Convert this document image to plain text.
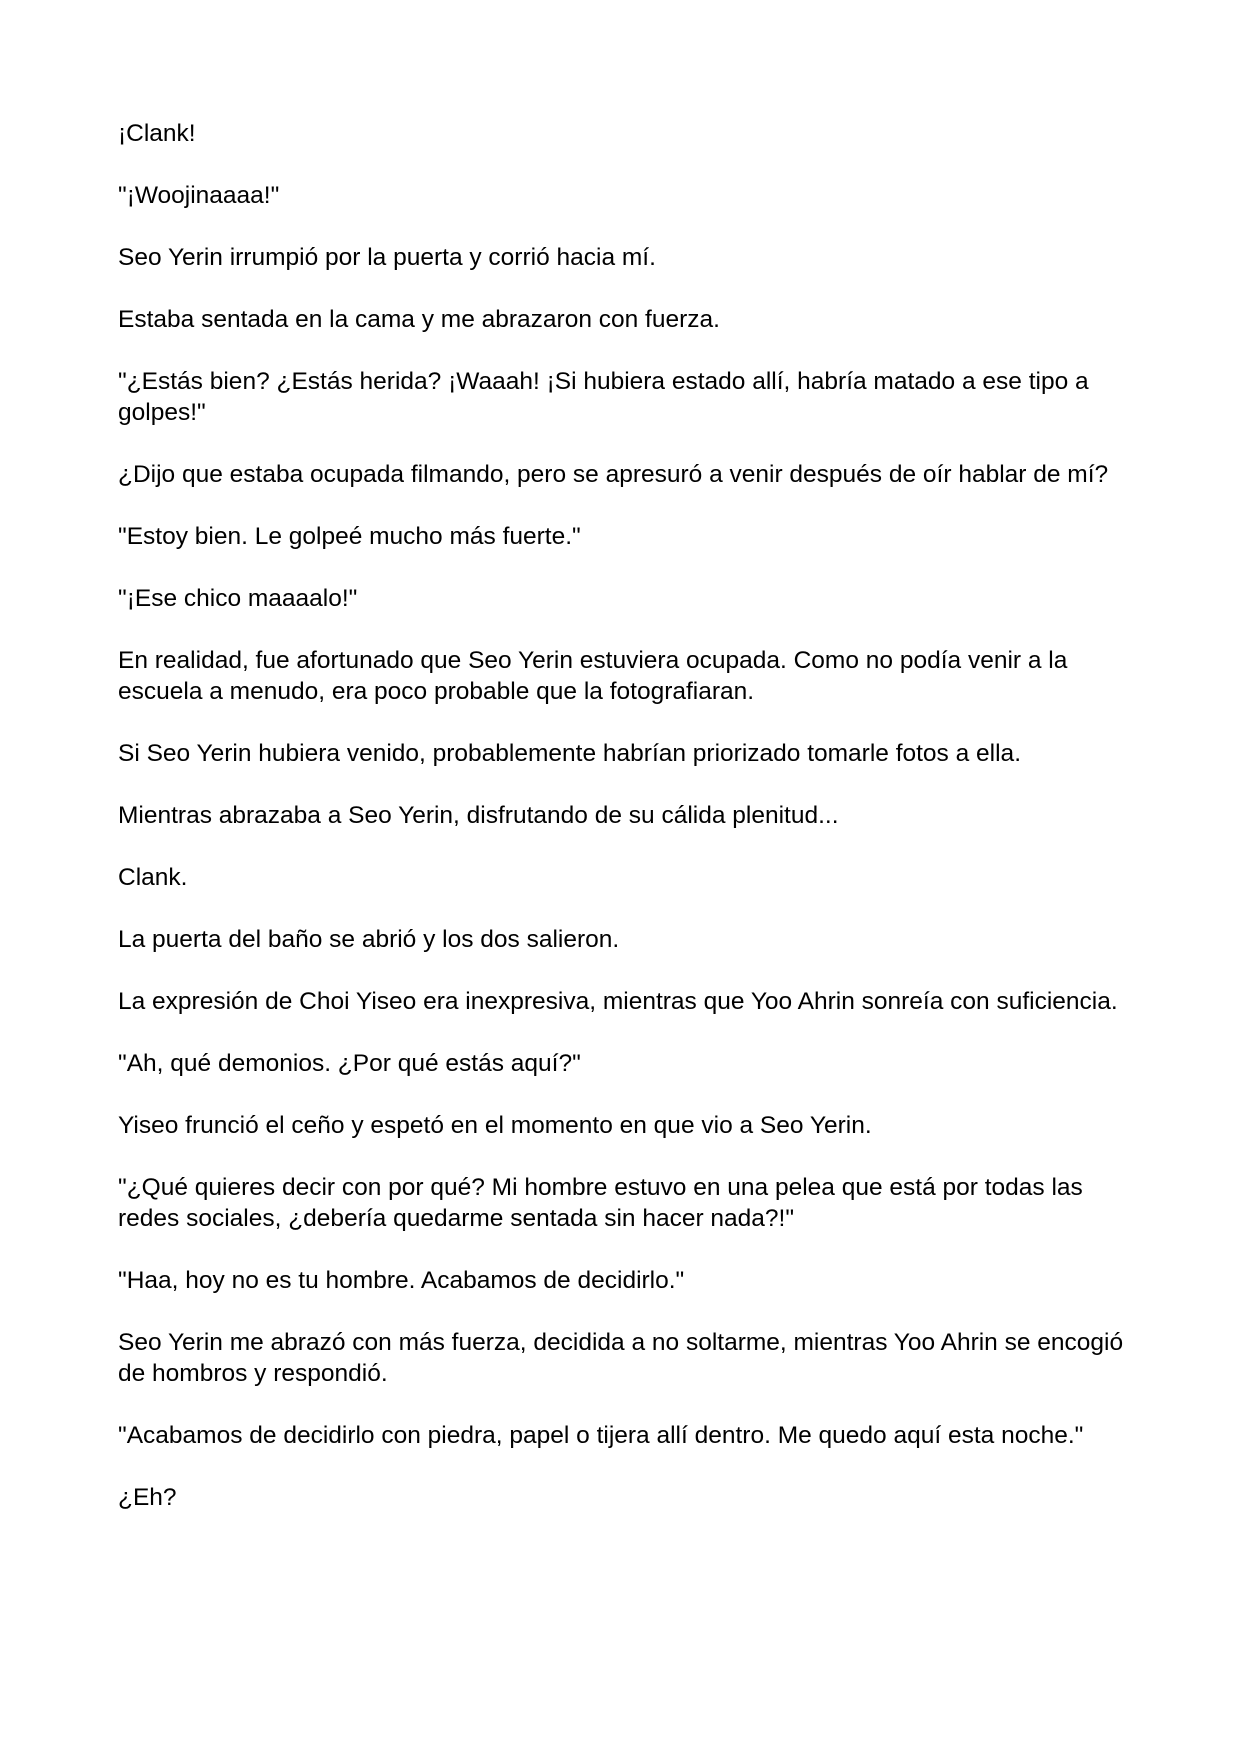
¡Clank!

"¡Woojinaaaa!"

Seo Yerin irrumpió por la puerta y corrió hacia mí.

Estaba sentada en la cama y me abrazaron con fuerza.

"¿Estás bien? ¿Estás herida? ¡Waaah! ¡Si hubiera estado allí, habría matado a ese tipo a golpes!"

¿Dijo que estaba ocupada filmando, pero se apresuró a venir después de oír hablar de mí?

"Estoy bien. Le golpeé mucho más fuerte."

"¡Ese chico maaaalo!"

En realidad, fue afortunado que Seo Yerin estuviera ocupada. Como no podía venir a la escuela a menudo, era poco probable que la fotografiaran.

Si Seo Yerin hubiera venido, probablemente habrían priorizado tomarle fotos a ella.

Mientras abrazaba a Seo Yerin, disfrutando de su cálida plenitud...

Clank.

La puerta del baño se abrió y los dos salieron.

La expresión de Choi Yiseo era inexpresiva, mientras que Yoo Ahrin sonreía con suficiencia.

"Ah, qué demonios. ¿Por qué estás aquí?"

Yiseo frunció el ceño y espetó en el momento en que vio a Seo Yerin.

"¿Qué quieres decir con por qué? Mi hombre estuvo en una pelea que está por todas las redes sociales, ¿debería quedarme sentada sin hacer nada?!"

"Haa, hoy no es tu hombre. Acabamos de decidirlo."

Seo Yerin me abrazó con más fuerza, decidida a no soltarme, mientras Yoo Ahrin se encogió de hombros y respondió.

"Acabamos de decidirlo con piedra, papel o tijera allí dentro. Me quedo aquí esta noche."

¿Eh?
